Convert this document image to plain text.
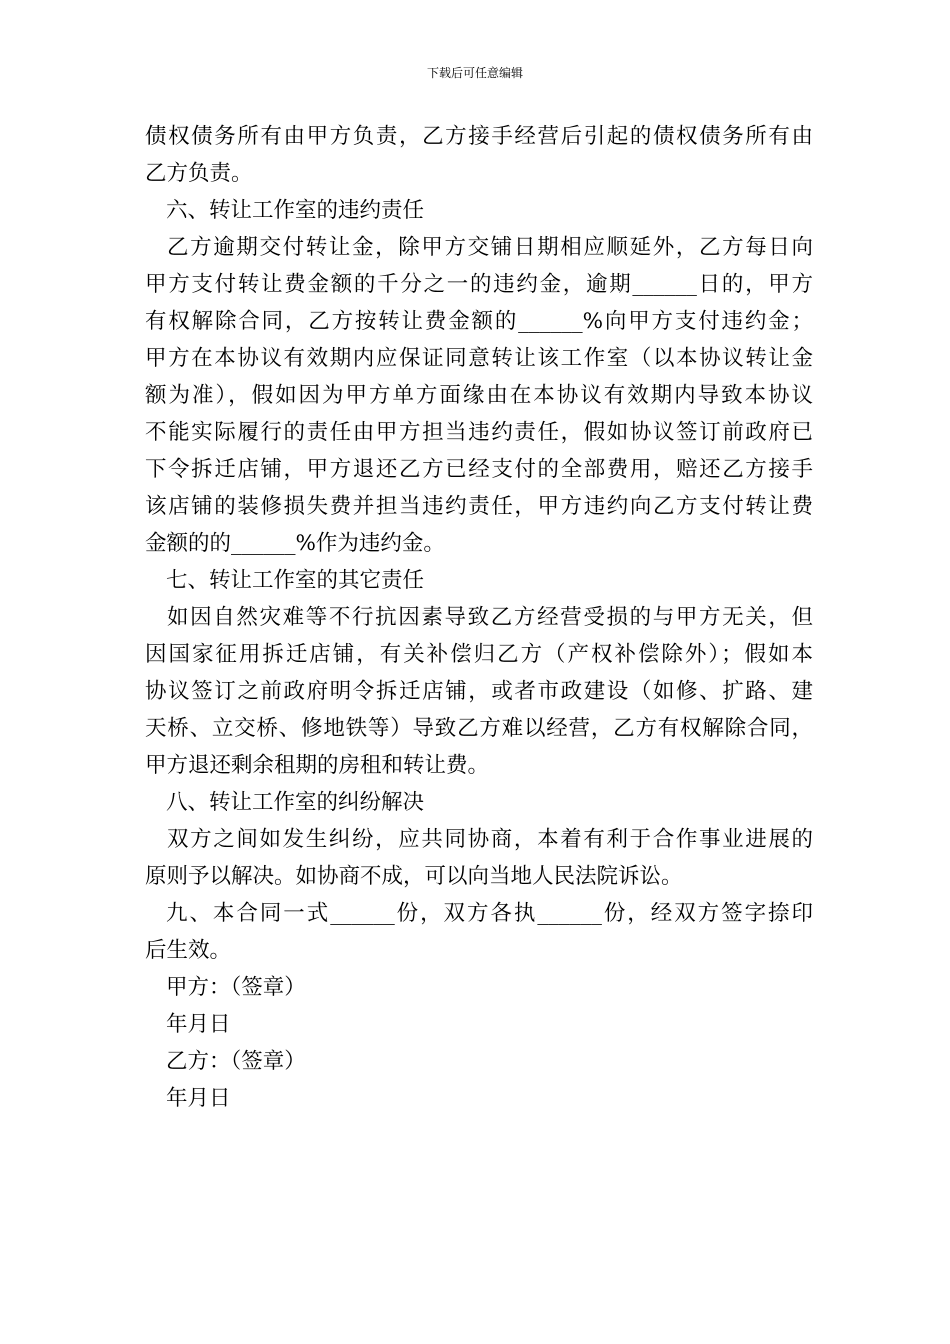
下载后可任意编辑
债权债务所有由甲方负责，乙方接手经营后引起的债权债务所有由
乙方负责。
六、转让工作室的违约责任
乙方逾期交付转让金，除甲方交铺日期相应顺延外，乙方每日向
甲方支付转让费金额的千分之一的违约金，逾期______日的，甲方
有权解除合同，乙方按转让费金额的______%向甲方支付违约金；
甲方在本协议有效期内应保证同意转让该工作室（以本协议转让金
额为准），假如因为甲方单方面缘由在本协议有效期内导致本协议
不能实际履行的责任由甲方担当违约责任，假如协议签订前政府已
下令拆迁店铺，甲方退还乙方已经支付的全部费用，赔还乙方接手
该店铺的装修损失费并担当违约责任，甲方违约向乙方支付转让费
金额的的______%作为违约金。
七、转让工作室的其它责任
如因自然灾难等不行抗因素导致乙方经营受损的与甲方无关，但
因国家征用拆迁店铺，有关补偿归乙方（产权补偿除外）；假如本
协议签订之前政府明令拆迁店铺，或者市政建设（如修、扩路、建
天桥、立交桥、修地铁等）导致乙方难以经营，乙方有权解除合同，
甲方退还剩余租期的房租和转让费。
八、转让工作室的纠纷解决
双方之间如发生纠纷，应共同协商，本着有利于合作事业进展的
原则予以解决。如协商不成，可以向当地人民法院诉讼。
九、本合同一式______份，双方各执______份，经双方签字捺印
后生效。
甲方：（签章）
年月日
乙方：（签章）
年月日
